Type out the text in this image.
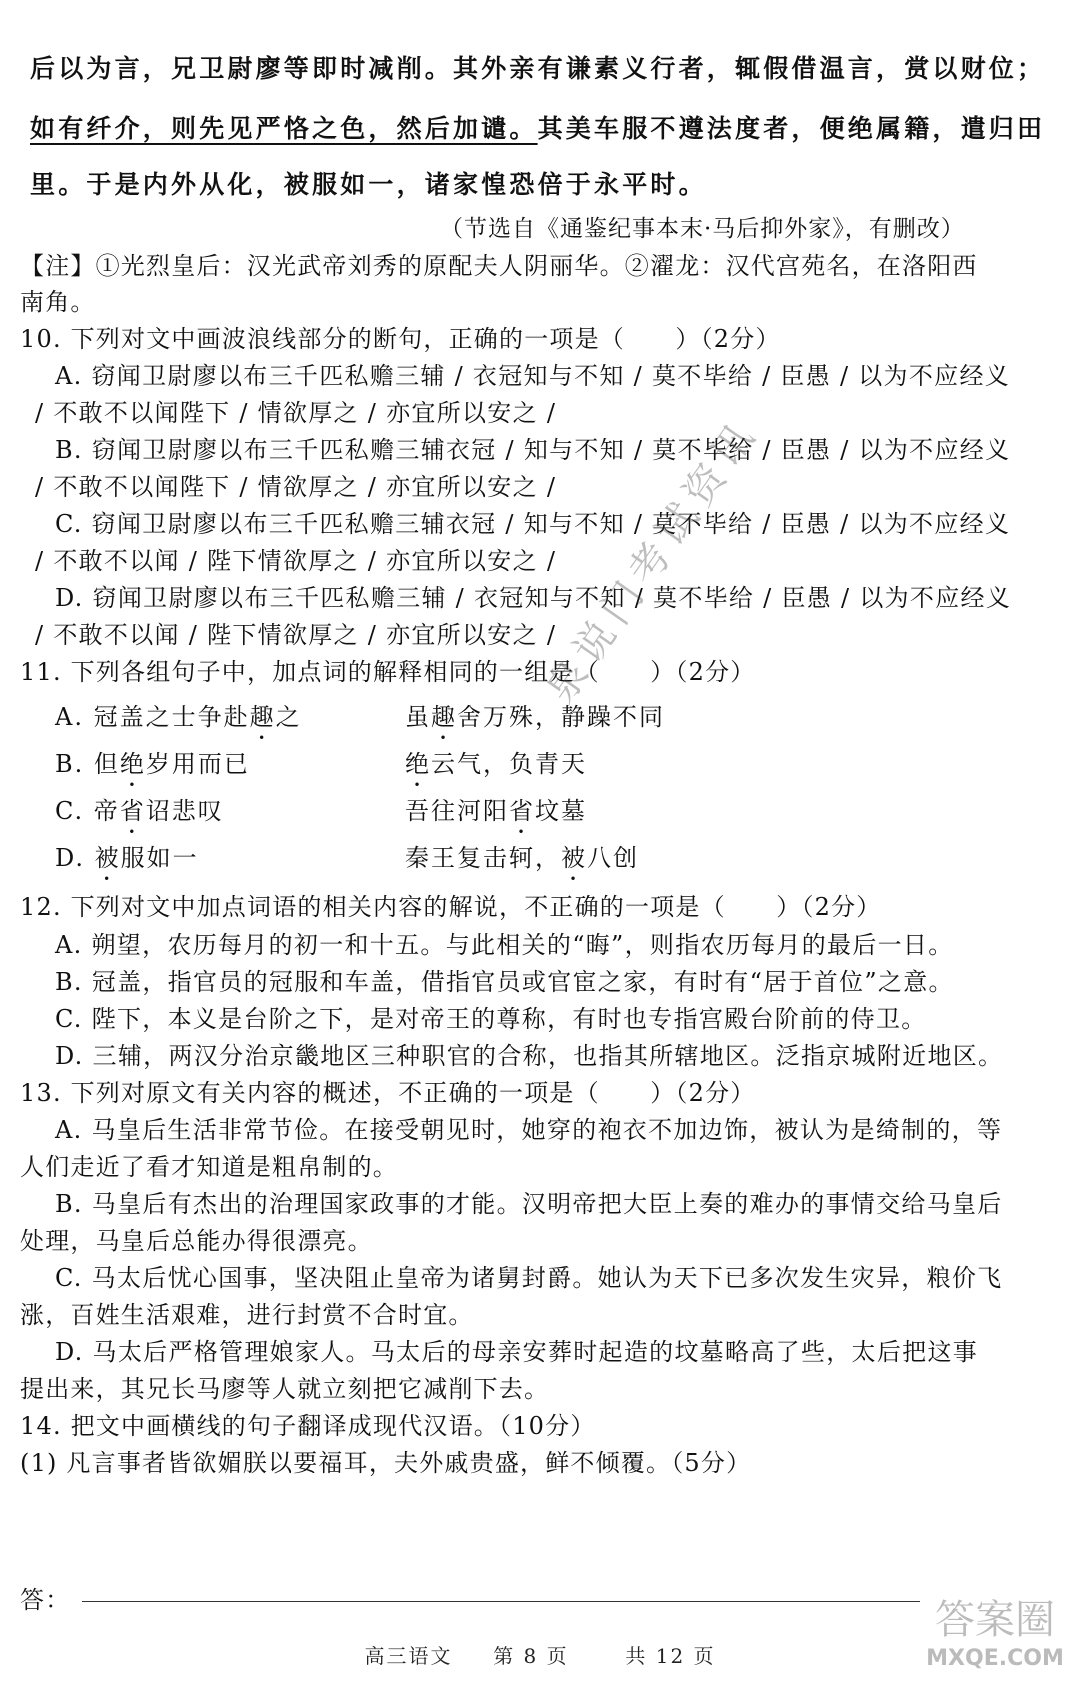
后以为言，兄卫尉廖等即时减削。其外亲有谦素义行者，辄假借温言，赏以财位；
如有纤介，则先见严恪之色，然后加谴。其美车服不遵法度者，便绝属籍，遣归田
里。于是内外从化，被服如一，诸家惶恐倍于永平时。
（节选自《通鉴纪事本末·马后抑外家》，有删改）
【注】①光烈皇后：汉光武帝刘秀的原配夫人阴丽华。②濯龙：汉代宫苑名，在洛阳西
南角。
10. 下列对文中画波浪线部分的断句，正确的一项是（　　）（2分）
A. 窃闻卫尉廖以布三千匹私赡三辅 / 衣冠知与不知 / 莫不毕给 / 臣愚 / 以为不应经义
/ 不敢不以闻陛下 / 情欲厚之 / 亦宜所以安之 /
B. 窃闻卫尉廖以布三千匹私赡三辅衣冠 / 知与不知 / 莫不毕给 / 臣愚 / 以为不应经义
/ 不敢不以闻陛下 / 情欲厚之 / 亦宜所以安之 /
C. 窃闻卫尉廖以布三千匹私赡三辅衣冠 / 知与不知 / 莫不毕给 / 臣愚 / 以为不应经义
/ 不敢不以闻 / 陛下情欲厚之 / 亦宜所以安之 /
D. 窃闻卫尉廖以布三千匹私赡三辅 / 衣冠知与不知 / 莫不毕给 / 臣愚 / 以为不应经义
/ 不敢不以闻 / 陛下情欲厚之 / 亦宜所以安之 /
11. 下列各组句子中，加点词的解释相同的一组是（　　）（2分）
A. 冠盖之士争赴趣之	虽趣舍万殊，静躁不同
B. 但绝岁用而已	绝云气，负青天
C. 帝省诏悲叹	吾往河阳省坟墓
D. 被服如一	秦王复击轲，被八创
12. 下列对文中加点词语的相关内容的解说，不正确的一项是（　　）（2分）
A. 朔望，农历每月的初一和十五。与此相关的“晦”，则指农历每月的最后一日。
B. 冠盖，指官员的冠服和车盖，借指官员或官宦之家，有时有“居于首位”之意。
C. 陛下，本义是台阶之下，是对帝王的尊称，有时也专指宫殿台阶前的侍卫。
D. 三辅，两汉分治京畿地区三种职官的合称，也指其所辖地区。泛指京城附近地区。
13. 下列对原文有关内容的概述，不正确的一项是（　　）（2分）
A. 马皇后生活非常节俭。在接受朝见时，她穿的袍衣不加边饰，被认为是绮制的，等
人们走近了看才知道是粗帛制的。
B. 马皇后有杰出的治理国家政事的才能。汉明帝把大臣上奏的难办的事情交给马皇后
处理，马皇后总能办得很漂亮。
C. 马太后忧心国事，坚决阻止皇帝为诸舅封爵。她认为天下已多次发生灾异，粮价飞
涨，百姓生活艰难，进行封赏不合时宜。
D. 马太后严格管理娘家人。马太后的母亲安葬时起造的坟墓略高了些，太后把这事
提出来，其兄长马廖等人就立刻把它减削下去。
14. 把文中画横线的句子翻译成现代汉语。（10分）
(1) 凡言事者皆欲媚朕以要福耳，夫外戚贵盛，鲜不倾覆。（5分）
答：
高三语文 第 8 页	共 12 页
泉说门考试资讯
答案圈
MXQE.COM
